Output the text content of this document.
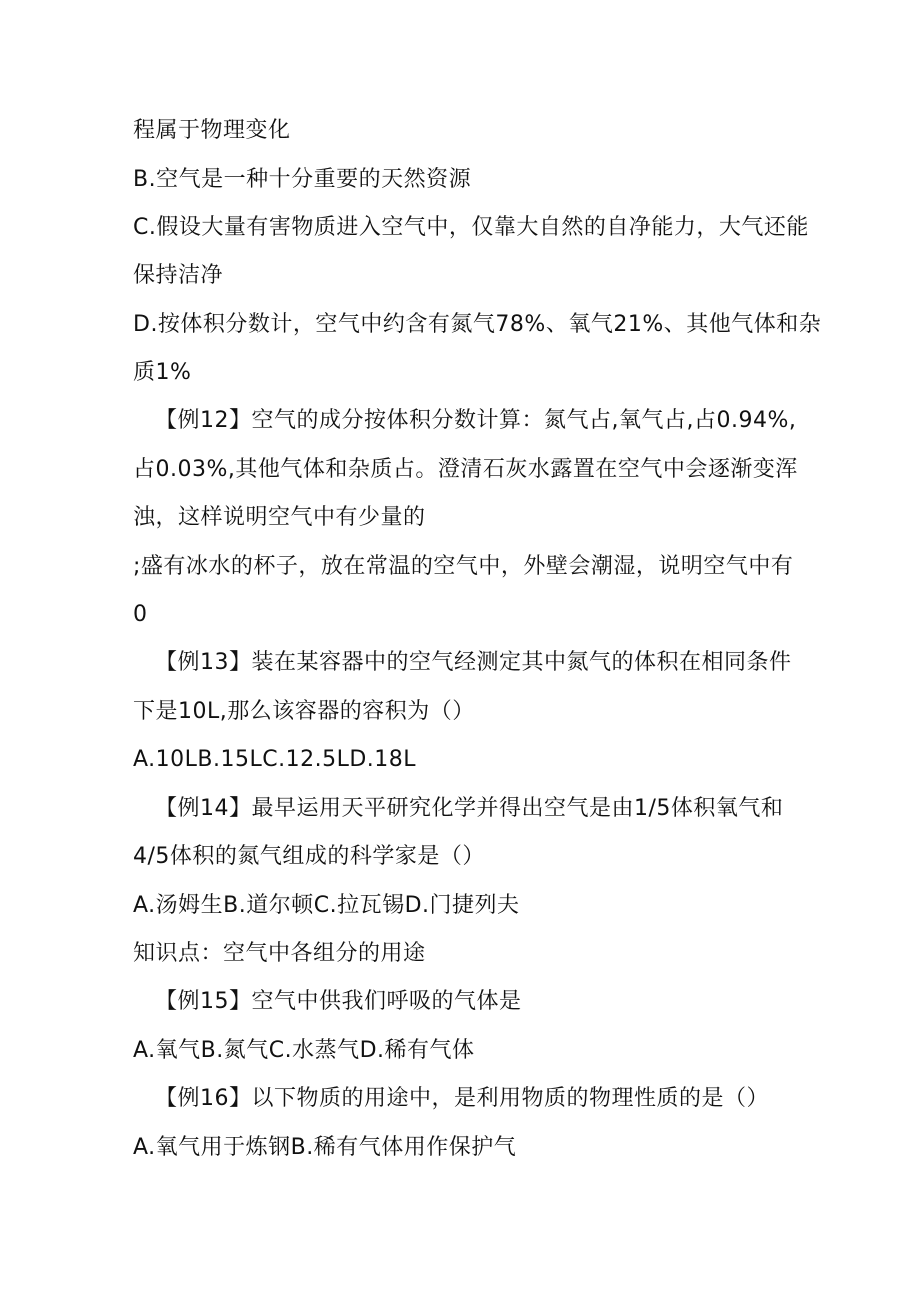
程属于物理变化
B.空气是一种十分重要的天然资源
C.假设大量有害物质进入空气中，仅靠大自然的自净能力，大气还能
保持洁净
D.按体积分数计，空气中约含有氮气78%、氧气21%、其他气体和杂
质1%
【例12】空气的成分按体积分数计算：氮气占,氧气占,占0.94%,
占0.03%,其他气体和杂质占。澄清石灰水露置在空气中会逐渐变浑
浊，这样说明空气中有少量的
;盛有冰水的杯子，放在常温的空气中，外壁会潮湿，说明空气中有
0
【例13】装在某容器中的空气经测定其中氮气的体积在相同条件
下是10L,那么该容器的容积为（）
A.10LB.15LC.12.5LD.18L
【例14】最早运用天平研究化学并得出空气是由1/5体积氧气和
4/5体积的氮气组成的科学家是（）
A.汤姆生B.道尔顿C.拉瓦锡D.门捷列夫
知识点：空气中各组分的用途
【例15】空气中供我们呼吸的气体是
A.氧气B.氮气C.水蒸气D.稀有气体
【例16】以下物质的用途中，是利用物质的物理性质的是（）
A.氧气用于炼钢B.稀有气体用作保护气
